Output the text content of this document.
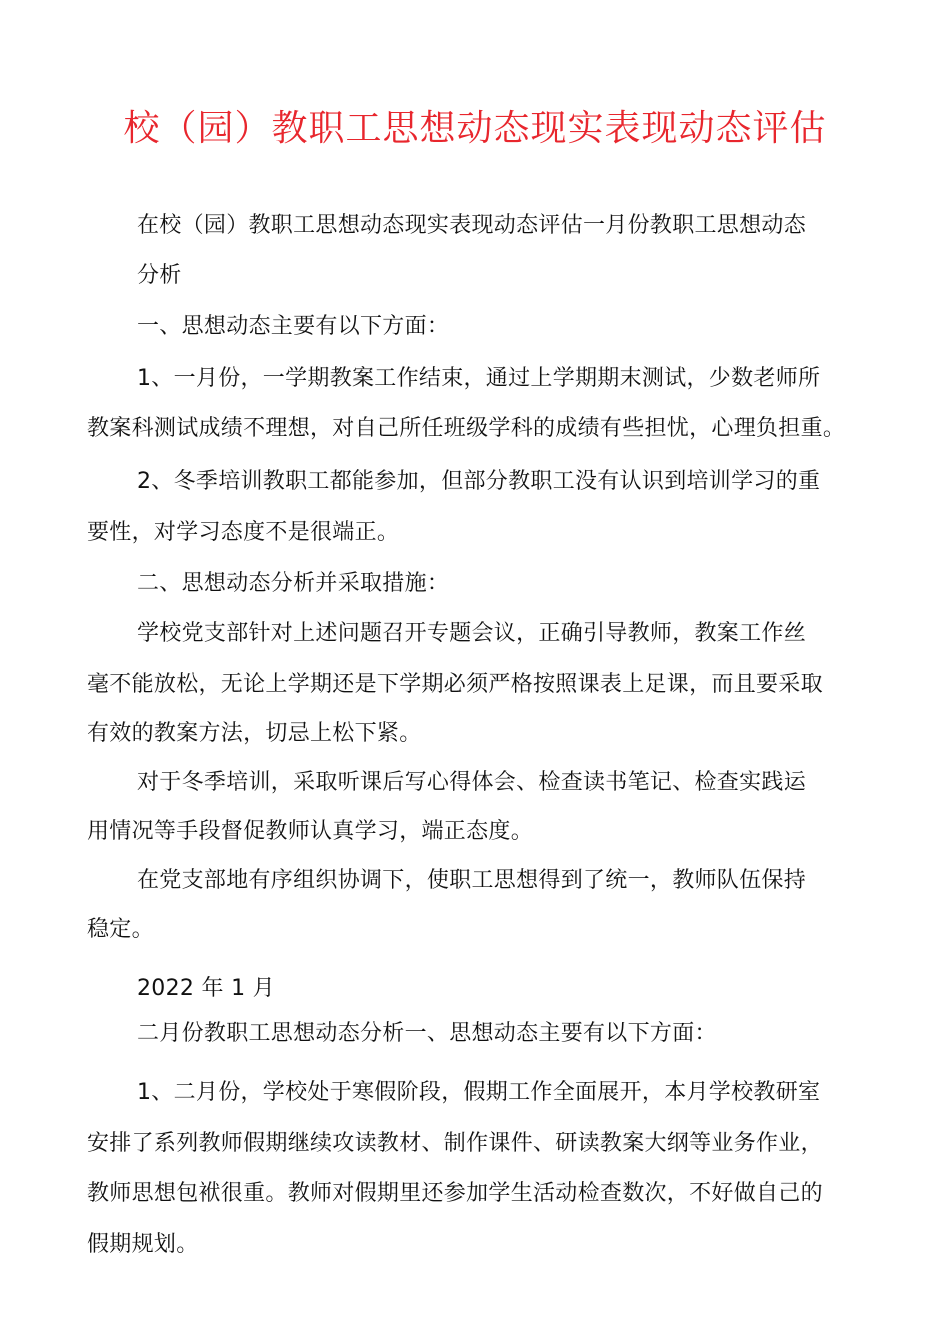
校（园）教职工思想动态现实表现动态评估
在校（园）教职工思想动态现实表现动态评估一月份教职工思想动态
分析
一、思想动态主要有以下方面：
1、一月份，一学期教案工作结束，通过上学期期末测试，少数老师所
教案科测试成绩不理想，对自己所任班级学科的成绩有些担忧，心理负担重。
2、冬季培训教职工都能参加，但部分教职工没有认识到培训学习的重
要性，对学习态度不是很端正。
二、思想动态分析并采取措施：
学校党支部针对上述问题召开专题会议，正确引导教师，教案工作丝
毫不能放松，无论上学期还是下学期必须严格按照课表上足课，而且要采取
有效的教案方法，切忌上松下紧。
对于冬季培训，采取听课后写心得体会、检查读书笔记、检查实践运
用情况等手段督促教师认真学习，端正态度。
在党支部地有序组织协调下，使职工思想得到了统一，教师队伍保持
稳定。
2022 年 1 月
二月份教职工思想动态分析一、思想动态主要有以下方面：
1、二月份，学校处于寒假阶段，假期工作全面展开，本月学校教研室
安排了系列教师假期继续攻读教材、制作课件、研读教案大纲等业务作业，
教师思想包袱很重。教师对假期里还参加学生活动检查数次，不好做自己的
假期规划。
